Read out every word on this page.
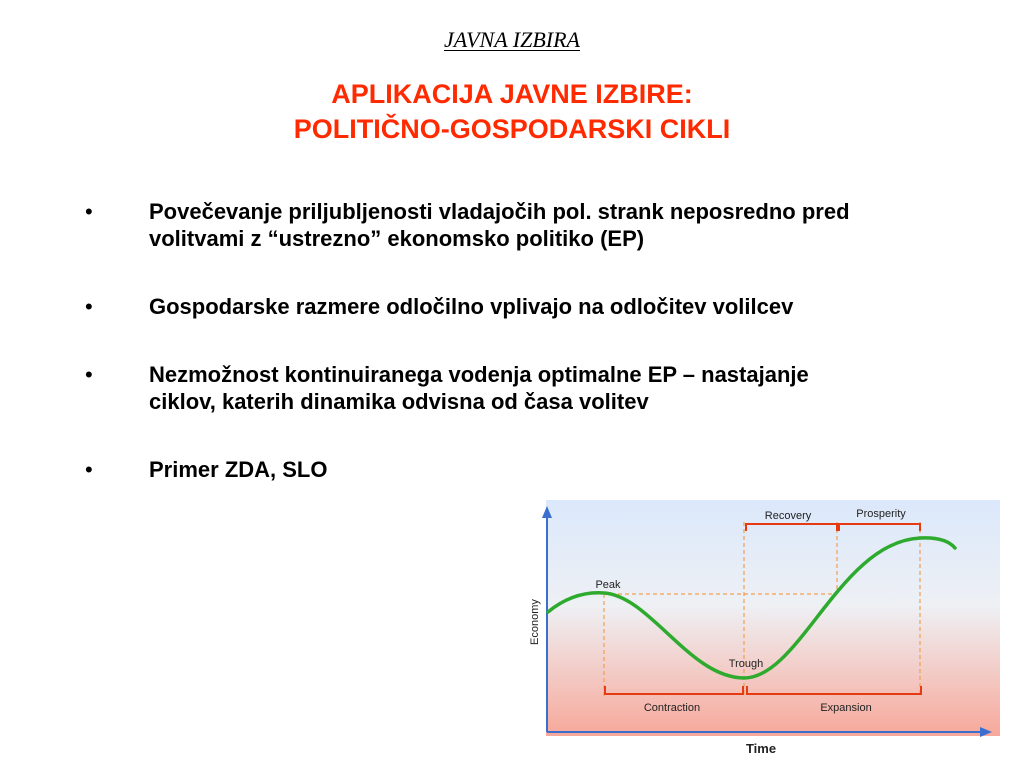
JAVNA IZBIRA
APLIKACIJA JAVNE IZBIRE:
POLITIČNO-GOSPODARSKI CIKLI
•	Povečevanje priljubljenosti vladajočih pol. strank neposredno pred volitvami z “ustrezno” ekonomsko politiko (EP)
•	Gospodarske razmere odločilno vplivajo na odločitev volilcev
•	Nezmožnost kontinuiranega vodenja optimalne EP – nastajanje ciklov, katerih dinamika odvisna od časa volitev
•	Primer ZDA, SLO
Peak
Trough
Recovery	Prosperity
Contraction	Expansion
Economy
Time
